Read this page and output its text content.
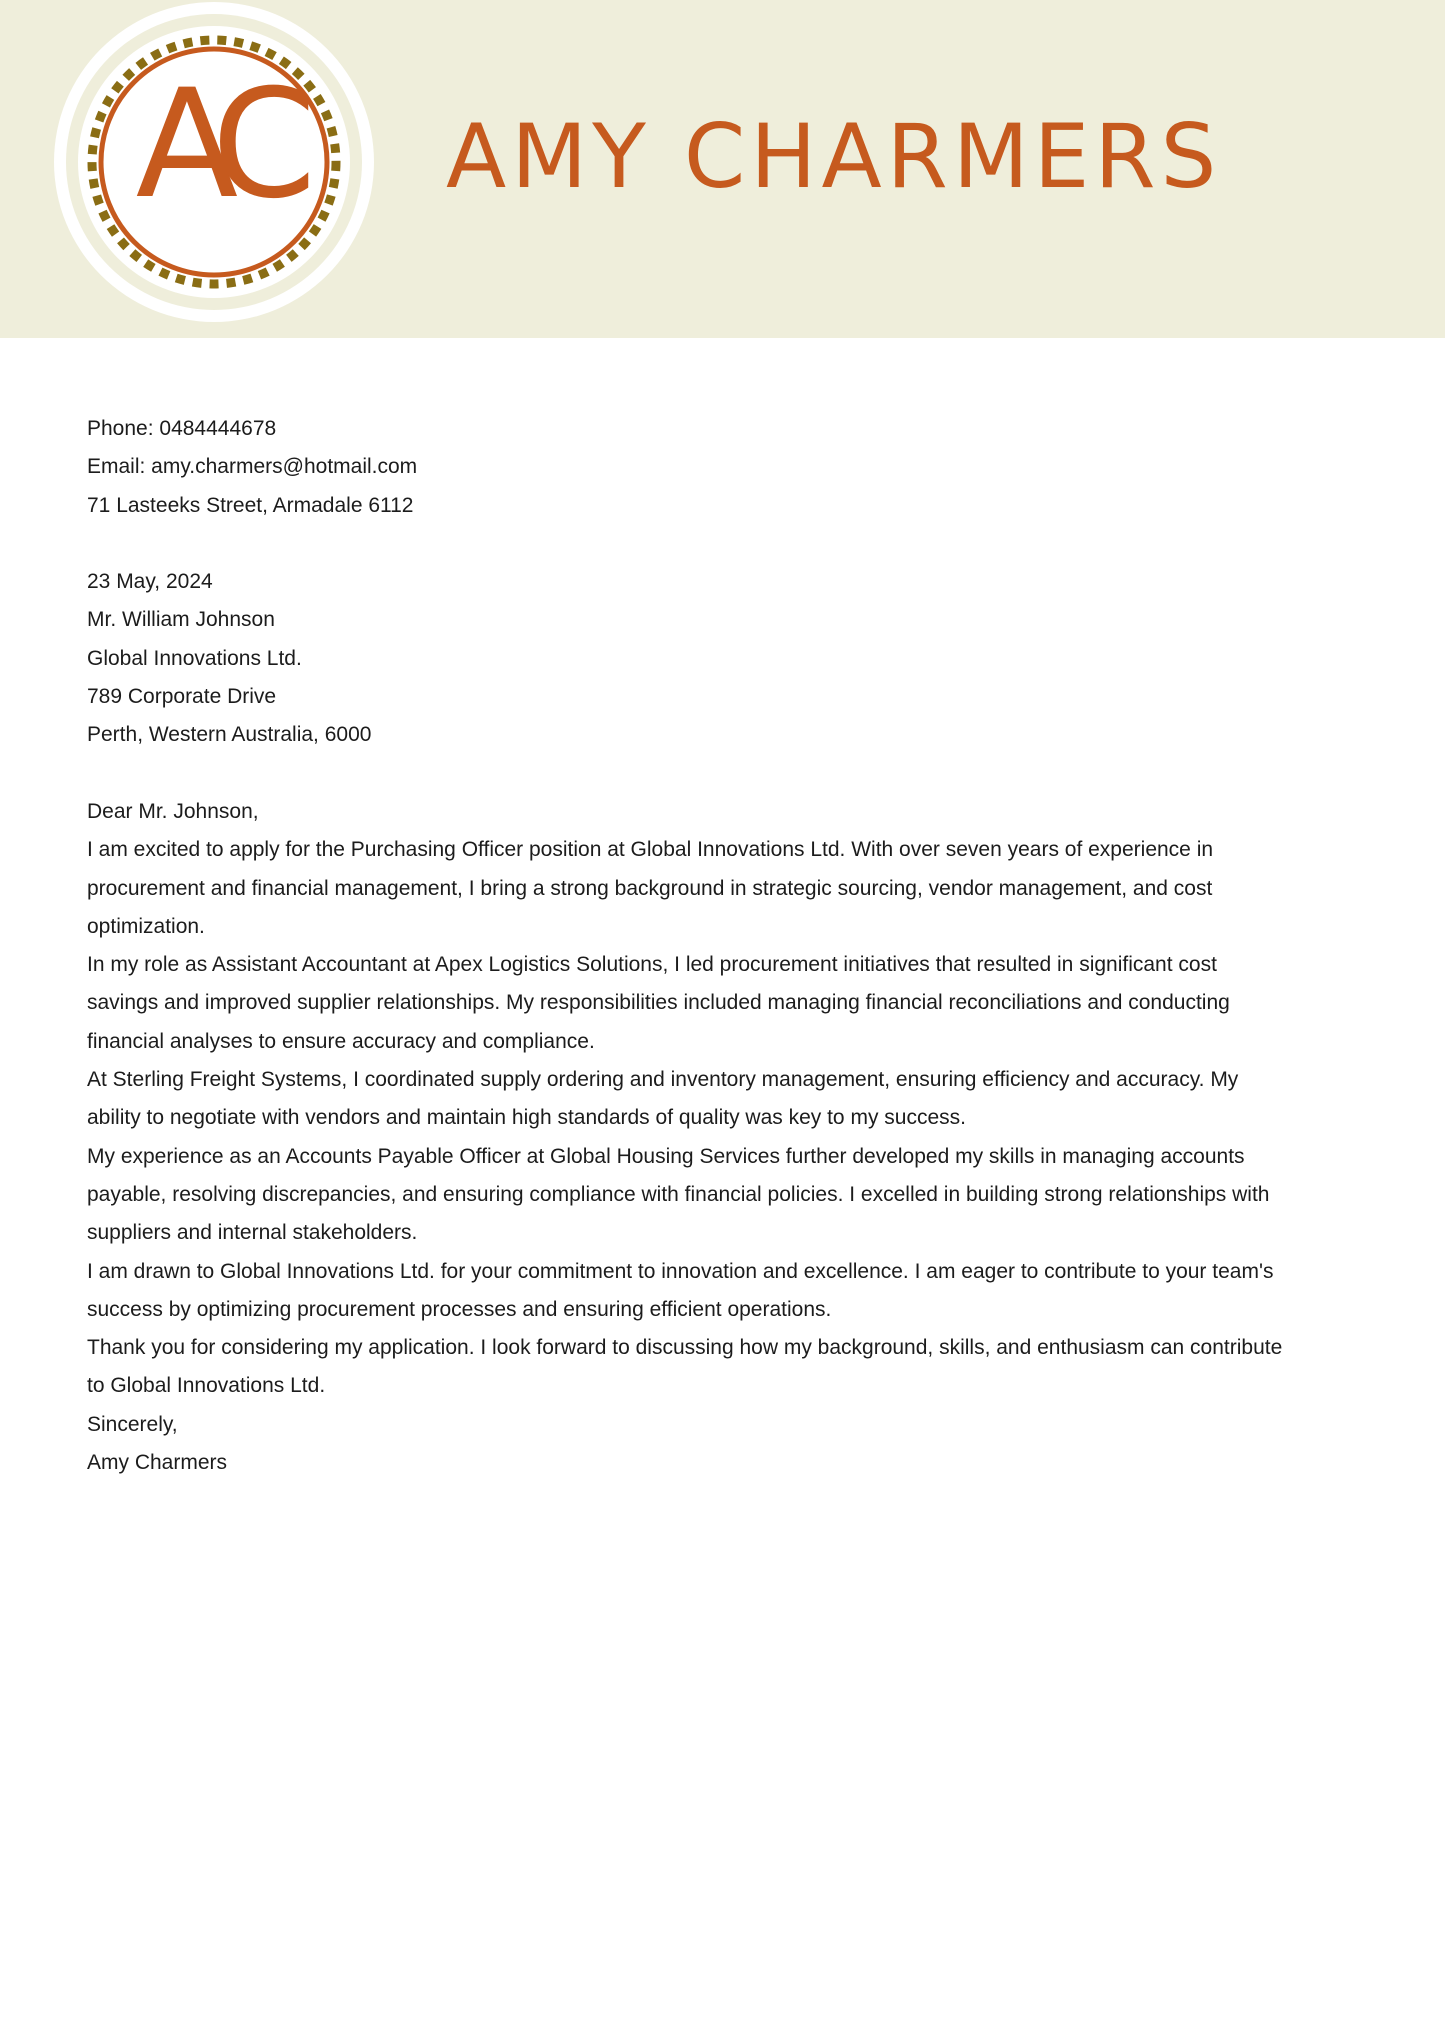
AC AMY CHARMERS

Phone: 0484444678

Email: amy.charmers@hotmail.com

71 Lasteeks Street, Armadale 6112

23 May, 2024

Mr. William Johnson

Global Innovations Ltd.

789 Corporate Drive

Perth, Western Australia, 6000

Dear Mr. Johnson,

I am excited to apply for the Purchasing Officer position at Global Innovations Ltd. With over seven years of experience in procurement and financial management, I bring a strong background in strategic sourcing, vendor management, and cost optimization.

In my role as Assistant Accountant at Apex Logistics Solutions, I led procurement initiatives that resulted in significant cost savings and improved supplier relationships. My responsibilities included managing financial reconciliations and conducting financial analyses to ensure accuracy and compliance.

At Sterling Freight Systems, I coordinated supply ordering and inventory management, ensuring efficiency and accuracy. My ability to negotiate with vendors and maintain high standards of quality was key to my success.

My experience as an Accounts Payable Officer at Global Housing Services further developed my skills in managing accounts payable, resolving discrepancies, and ensuring compliance with financial policies. I excelled in building strong relationships with suppliers and internal stakeholders.

I am drawn to Global Innovations Ltd. for your commitment to innovation and excellence. I am eager to contribute to your team's success by optimizing procurement processes and ensuring efficient operations.

Thank you for considering my application. I look forward to discussing how my background, skills, and enthusiasm can contribute to Global Innovations Ltd.

Sincerely,

Amy Charmers
